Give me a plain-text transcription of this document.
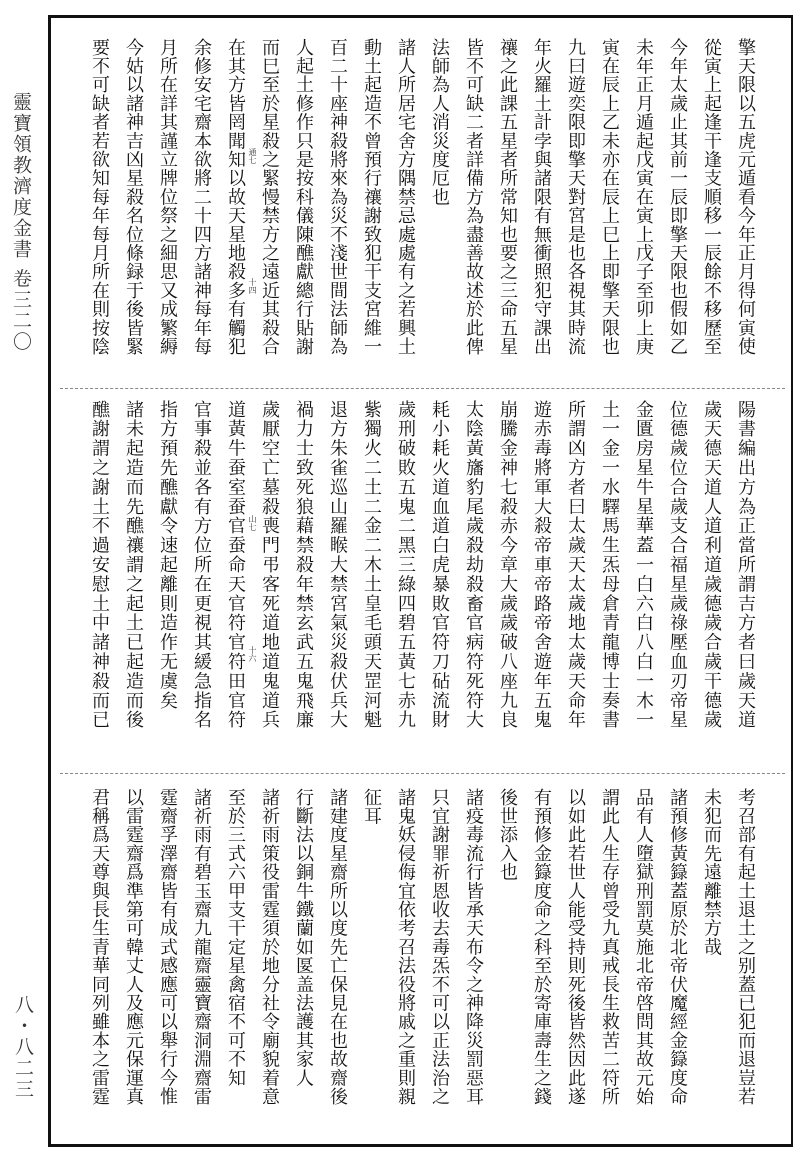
靈寶領教濟度金書 卷三二〇
八・八二三
擎天限以五虎元遁看今年正月得何寅使
從寅上起逢干逢支順移一辰餘不移歷至
今年太歲止其前一辰即擎天限也假如乙
未年正月遁起戊寅在寅上戊子至卯上庚
寅在辰上乙未亦在辰上巳上即擎天限也
九曰遊奕限即擎天對宮是也各視其時流
年火羅土計孛與諸限有無衝照犯守課出
禳之此課五星者所常知也要之三命五星
皆不可缺二者詳備方為盡善故述於此俾
法師為人消災度厄也
諸人所居宅舍方隅禁忌處處有之若興土
動土起造不曾預行禳謝致犯干支宮維一
百二十座神殺將來為災不淺世間法師為
人起土修作只是按科儀陳醮獻總行貼謝
而巳至於星殺之緊慢禁方之遠近其殺合
在其方皆罔聞知以故天星地殺多有觸犯
余修安宅齋本欲將二十四方諸神每年每
月所在詳其謹立牌位祭之細思又成繁縟
今姑以諸神吉凶星殺名位條録于後皆緊
要不可缺者若欲知每年每月所在則按陰
陽書編出方為正當所謂吉方者曰歲天道
歲天德天道人道利道歲德歲合歲干德歲
位德歲位合歲支合福星歲祿壓血刃帝星
金匱房星牛星華蓋一白六白八白一木一
土一金一水驛馬生炁母倉青龍博士奏書
所謂凶方者曰太歲天太歲地太歲天命年
遊赤毒將軍大殺帝車帝路帝舍遊年五鬼
崩騰金神七殺赤今章大歲歲破八座九良
太陰黃旛豹尾歲殺劫殺畜官病符死符大
耗小耗火道血道白虎暴敗官符刀砧流財
歲刑破敗五鬼二黑三綠四碧五黃七赤九
紫獨火二土二金二木土皇毛頭天罡河魁
退方朱雀巡山羅睺大禁宮氣災殺伏兵大
禍力士致死狼藉禁殺年禁玄武五鬼飛廉
歲厭空亡墓殺喪門弔客死道地道鬼道兵
道黃牛蚕室蚕官蚕命天官符官符田官符
官事殺並各有方位所在更視其緩急指名
指方預先醮獻令速起離則造作无虞矣
諸未起造而先醮禳謂之起土已起造而後
醮謝謂之謝土不過安慰土中諸神殺而已
考召部有起土退土之别蓋已犯而退豈若
未犯而先遠離禁方哉
諸預修黃籙蓋原於北帝伏魔經金籙度命
品有人墮獄刑罰莫施北帝啓問其故元始
謂此人生存曾受九真戒長生救苦二符所
以如此若世人能受持則死後皆然因此遂
有預修金籙度命之科至於寄庫壽生之錢
後世添入也
諸疫毒流行皆承天布令之神降災罰惡耳
只宜謝罪祈恩收去毒炁不可以正法治之
諸鬼妖侵侮宜依考召法役將戚之重則親
征耳
諸建度星齋所以度先亡保見在也故齋後
行斷法以銅牛鐵蘭如匽盖法護其家人
諸祈雨策役雷霆須於地分社令廟貌着意
至於三式六甲支干定星禽宿不可不知
諸祈雨有碧玉齋九龍齋靈寶齋洞淵齋雷
霆齋孚澤齋皆有成式感應可以舉行今惟
以雷霆齋爲準第可韓丈人及應元保運真
君稱爲天尊與長生青華同列雖本之雷霆
通七
十四
山七
十六
